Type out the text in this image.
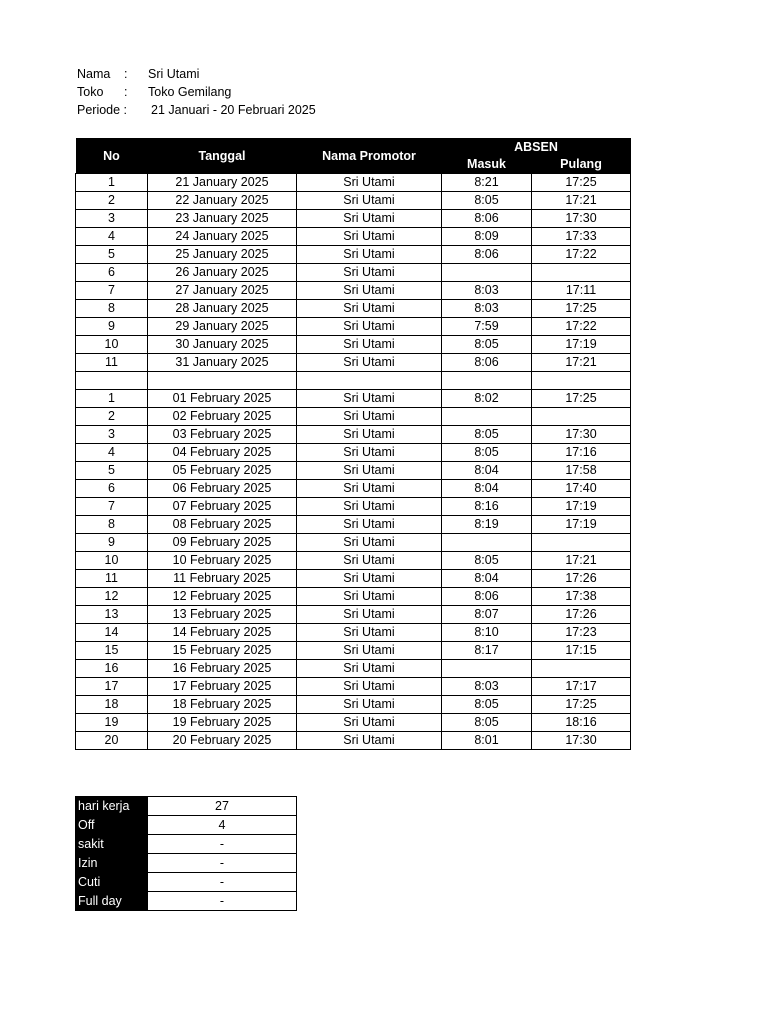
Nama : Sri Utami
Toko : Toko Gemilang
Periode : 21 Januari - 20 Februari 2025
No	Tanggal	Nama Promotor	ABSEN	
			Masuk	Pulang
1	21 January 2025	Sri Utami	8:21	17:25
2	22 January 2025	Sri Utami	8:05	17:21
3	23 January 2025	Sri Utami	8:06	17:30
4	24 January 2025	Sri Utami	8:09	17:33
5	25 January 2025	Sri Utami	8:06	17:22
6	26 January 2025	Sri Utami		
7	27 January 2025	Sri Utami	8:03	17:11
8	28 January 2025	Sri Utami	8:03	17:25
9	29 January 2025	Sri Utami	7:59	17:22
10	30 January 2025	Sri Utami	8:05	17:19
11	31 January 2025	Sri Utami	8:06	17:21

1	01 February 2025	Sri Utami	8:02	17:25
2	02 February 2025	Sri Utami		
3	03 February 2025	Sri Utami	8:05	17:30
4	04 February 2025	Sri Utami	8:05	17:16
5	05 February 2025	Sri Utami	8:04	17:58
6	06 February 2025	Sri Utami	8:04	17:40
7	07 February 2025	Sri Utami	8:16	17:19
8	08 February 2025	Sri Utami	8:19	17:19
9	09 February 2025	Sri Utami		
10	10 February 2025	Sri Utami	8:05	17:21
11	11 February 2025	Sri Utami	8:04	17:26
12	12 February 2025	Sri Utami	8:06	17:38
13	13 February 2025	Sri Utami	8:07	17:26
14	14 February 2025	Sri Utami	8:10	17:23
15	15 February 2025	Sri Utami	8:17	17:15
16	16 February 2025	Sri Utami		
17	17 February 2025	Sri Utami	8:03	17:17
18	18 February 2025	Sri Utami	8:05	17:25
19	19 February 2025	Sri Utami	8:05	18:16
20	20 February 2025	Sri Utami	8:01	17:30
hari kerja	27
Off	4
sakit	-
Izin	-
Cuti	-
Full day	-
